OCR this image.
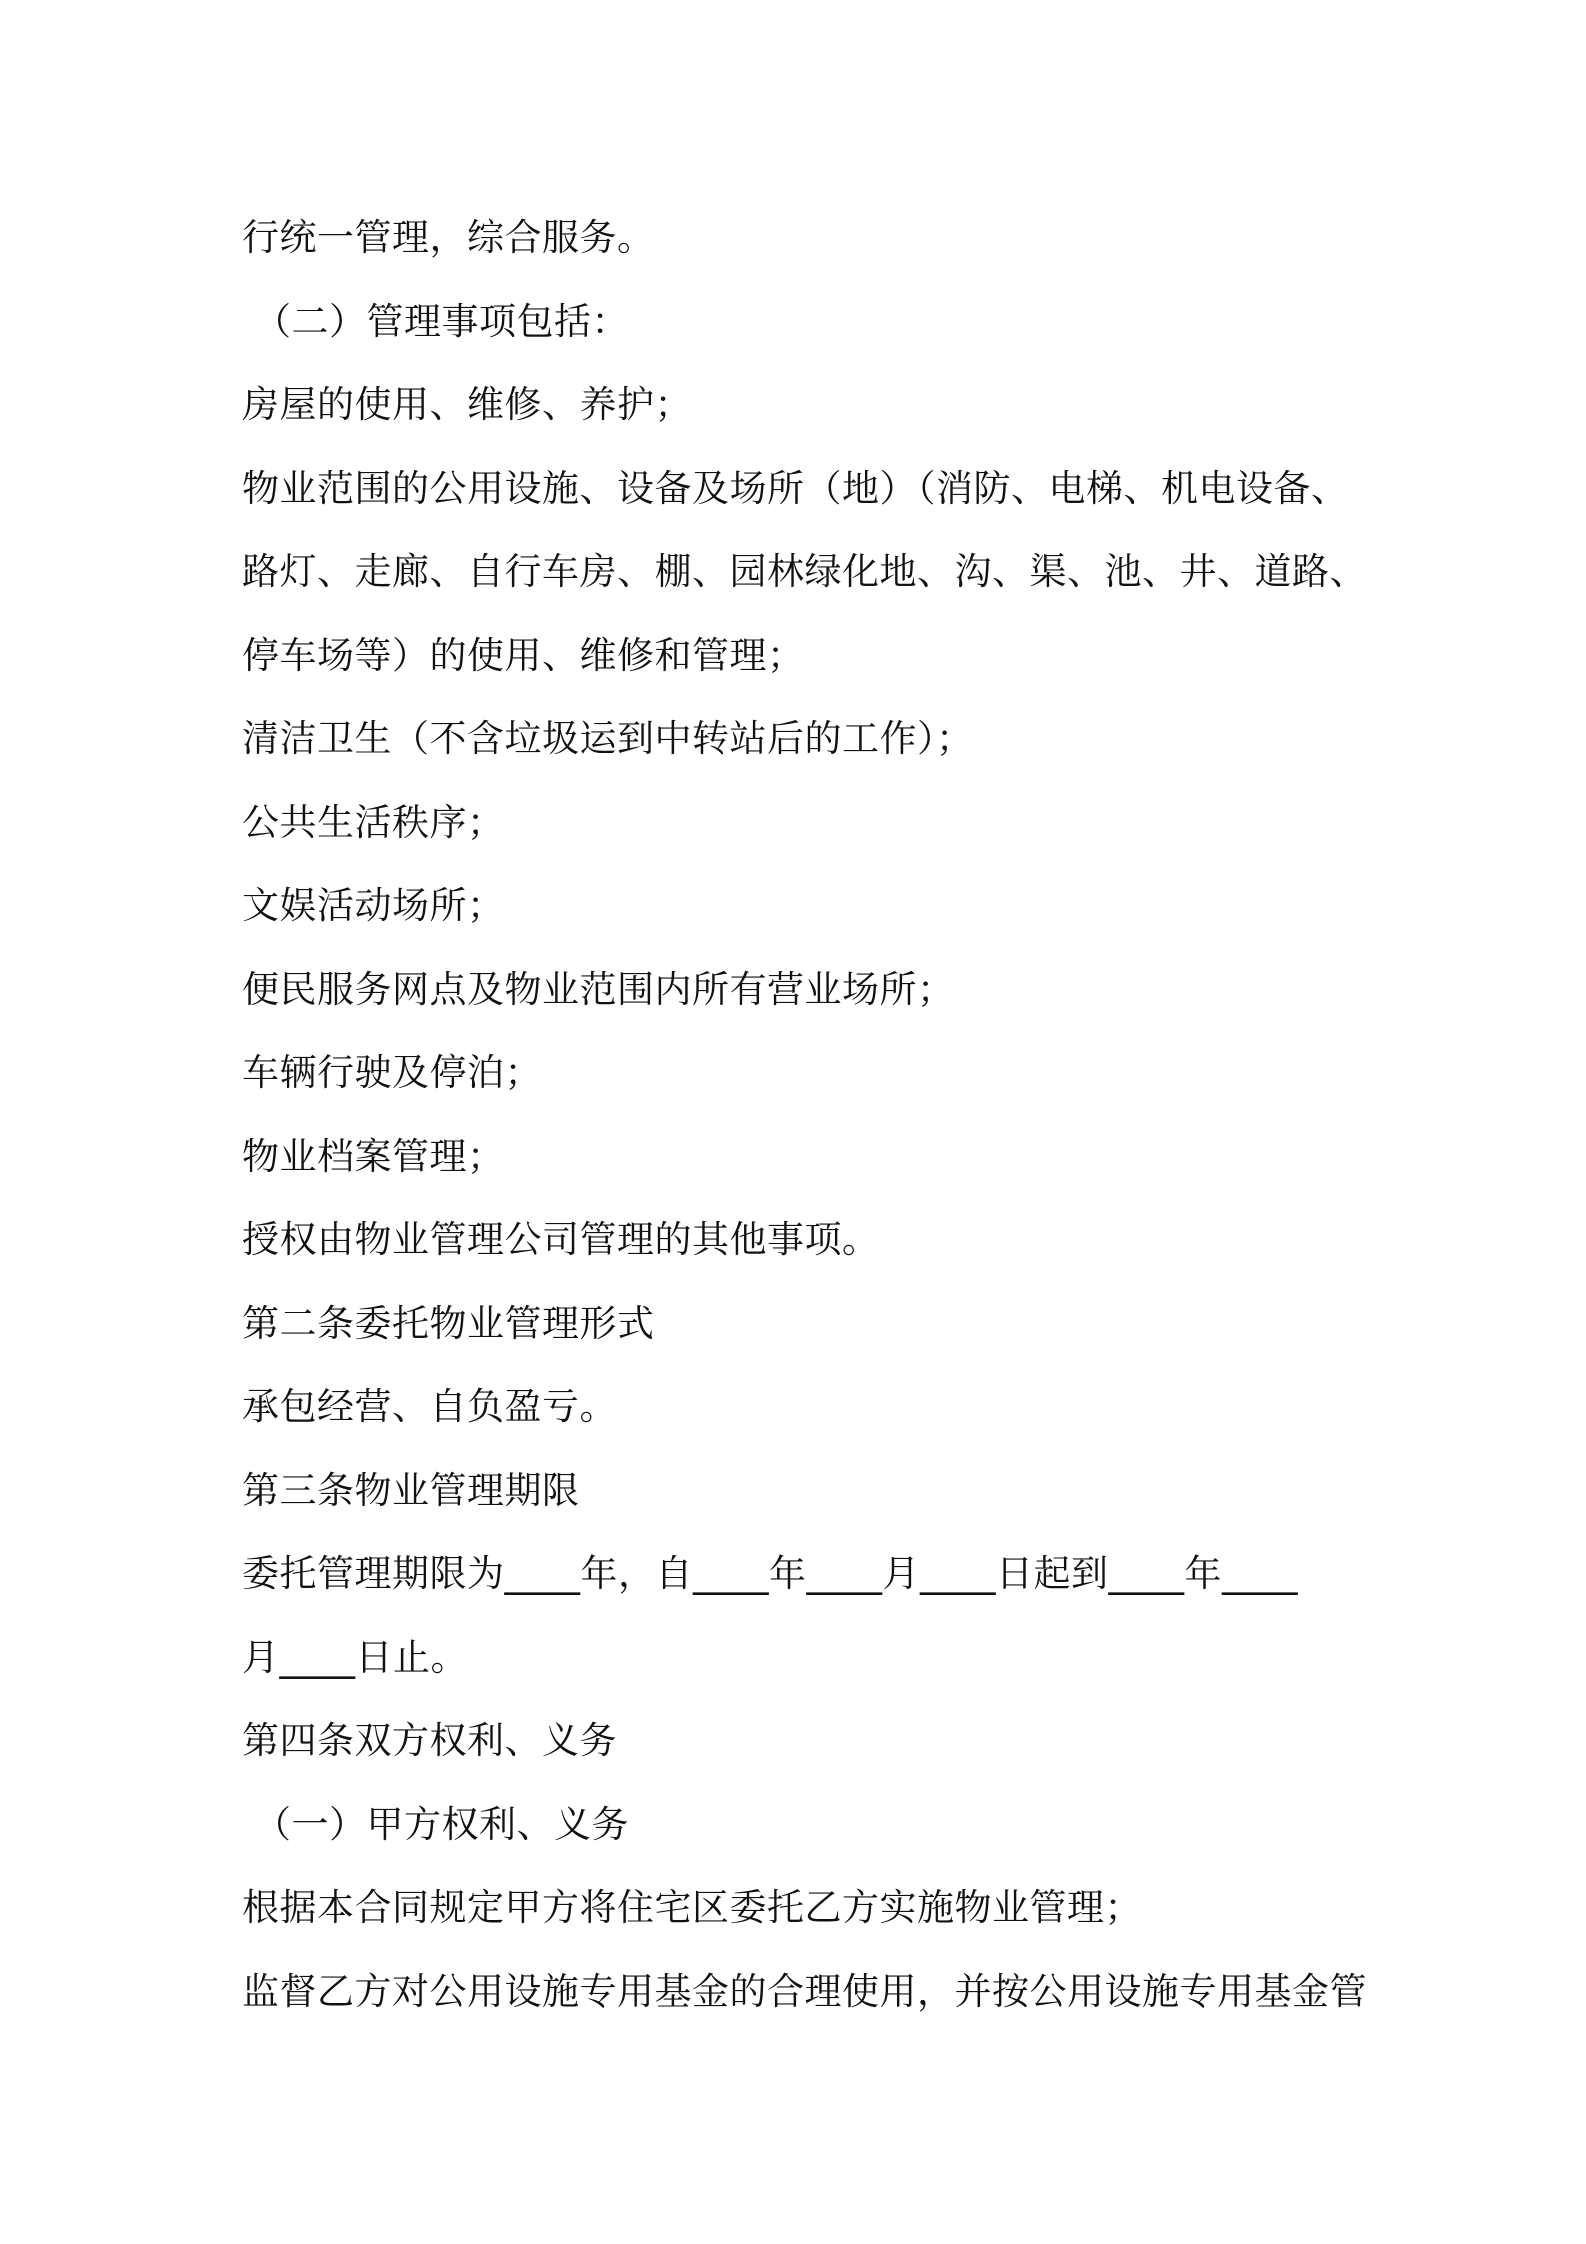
行统一管理，综合服务。
（二）管理事项包括：
房屋的使用、维修、养护；
物业范围的公用设施、设备及场所（地）（消防、电梯、机电设备、
路灯、走廊、自行车房、棚、园林绿化地、沟、渠、池、井、道路、
停车场等）的使用、维修和管理；
清洁卫生（不含垃圾运到中转站后的工作）；
公共生活秩序；
文娱活动场所；
便民服务网点及物业范围内所有营业场所；
车辆行驶及停泊；
物业档案管理；
授权由物业管理公司管理的其他事项。
第二条委托物业管理形式
承包经营、自负盈亏。
第三条物业管理期限
委托管理期限为____年，自____年____月____日起到____年____
月____日止。
第四条双方权利、义务
（一）甲方权利、义务
根据本合同规定甲方将住宅区委托乙方实施物业管理；
监督乙方对公用设施专用基金的合理使用，并按公用设施专用基金管
